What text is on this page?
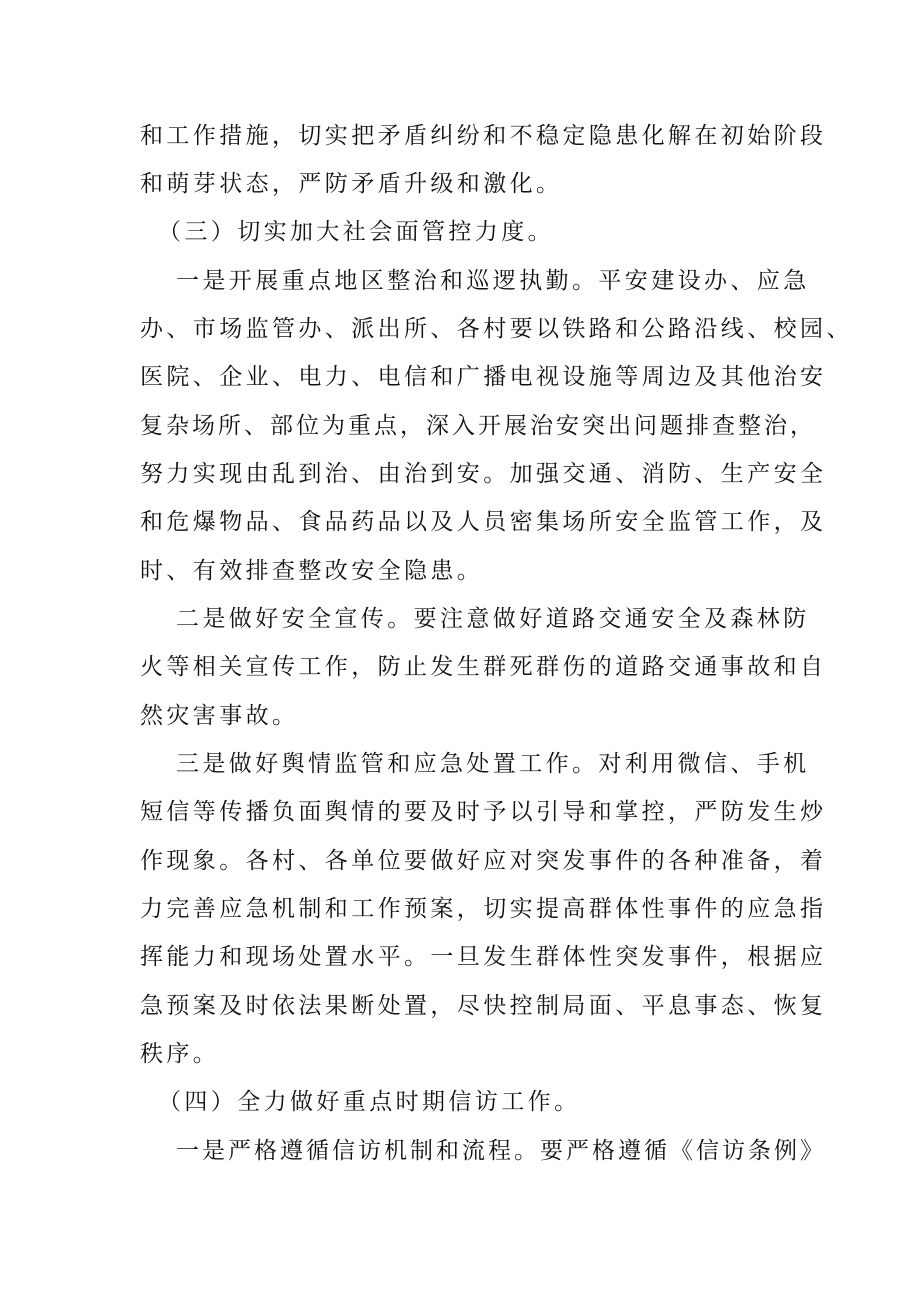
和工作措施，切实把矛盾纠纷和不稳定隐患化解在初始阶段

和萌芽状态，严防矛盾升级和激化。

（三）切实加大社会面管控力度。

一是开展重点地区整治和巡逻执勤。平安建设办、应急

办、市场监管办、派出所、各村要以铁路和公路沿线、校园、

医院、企业、电力、电信和广播电视设施等周边及其他治安

复杂场所、部位为重点，深入开展治安突出问题排查整治，

努力实现由乱到治、由治到安。加强交通、消防、生产安全

和危爆物品、食品药品以及人员密集场所安全监管工作，及

时、有效排查整改安全隐患。

二是做好安全宣传。要注意做好道路交通安全及森林防

火等相关宣传工作，防止发生群死群伤的道路交通事故和自

然灾害事故。

三是做好舆情监管和应急处置工作。对利用微信、手机

短信等传播负面舆情的要及时予以引导和掌控，严防发生炒

作现象。各村、各单位要做好应对突发事件的各种准备，着

力完善应急机制和工作预案，切实提高群体性事件的应急指

挥能力和现场处置水平。一旦发生群体性突发事件，根据应

急预案及时依法果断处置，尽快控制局面、平息事态、恢复

秩序。

（四）全力做好重点时期信访工作。

一是严格遵循信访机制和流程。要严格遵循《信访条例》
